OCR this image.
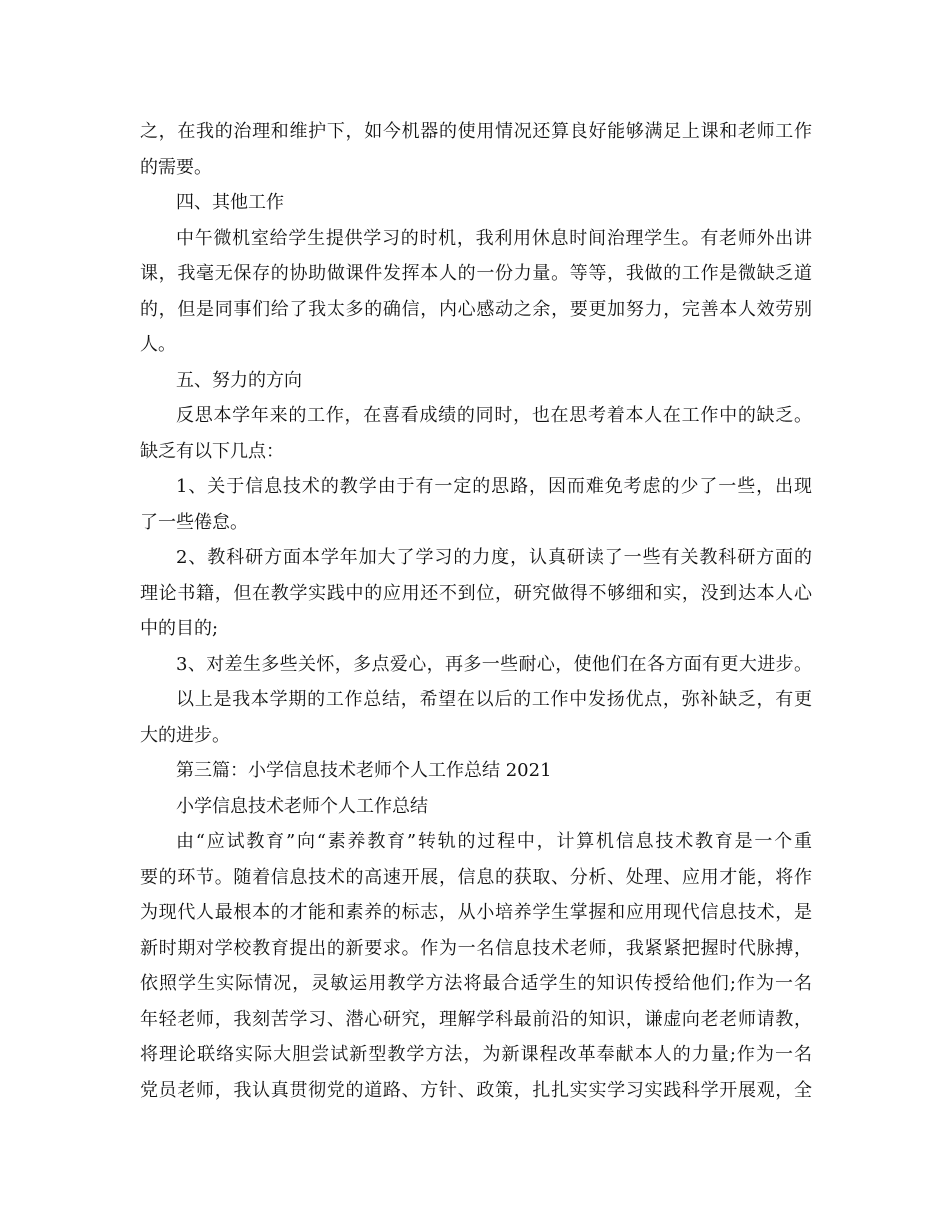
之，在我的治理和维护下，如今机器的使用情况还算良好能够满足上课和老师工作
的需要。
四、其他工作
中午微机室给学生提供学习的时机，我利用休息时间治理学生。有老师外出讲
课，我毫无保存的协助做课件发挥本人的一份力量。等等，我做的工作是微缺乏道
的，但是同事们给了我太多的确信，内心感动之余，要更加努力，完善本人效劳别
人。
五、努力的方向
反思本学年来的工作，在喜看成绩的同时，也在思考着本人在工作中的缺乏。
缺乏有以下几点：
1、关于信息技术的教学由于有一定的思路，因而难免考虑的少了一些，出现
了一些倦怠。
2、教科研方面本学年加大了学习的力度，认真研读了一些有关教科研方面的
理论书籍，但在教学实践中的应用还不到位，研究做得不够细和实，没到达本人心
中的目的;
3、对差生多些关怀，多点爱心，再多一些耐心，使他们在各方面有更大进步。
以上是我本学期的工作总结，希望在以后的工作中发扬优点，弥补缺乏，有更
大的进步。
第三篇：小学信息技术老师个人工作总结 2021
小学信息技术老师个人工作总结
由“应试教育”向“素养教育”转轨的过程中，计算机信息技术教育是一个重
要的环节。随着信息技术的高速开展，信息的获取、分析、处理、应用才能，将作
为现代人最根本的才能和素养的标志，从小培养学生掌握和应用现代信息技术，是
新时期对学校教育提出的新要求。作为一名信息技术老师，我紧紧把握时代脉搏，
依照学生实际情况，灵敏运用教学方法将最合适学生的知识传授给他们;作为一名
年轻老师，我刻苦学习、潜心研究，理解学科最前沿的知识，谦虚向老老师请教，
将理论联络实际大胆尝试新型教学方法，为新课程改革奉献本人的力量;作为一名
党员老师，我认真贯彻党的道路、方针、政策，扎扎实实学习实践科学开展观，全
